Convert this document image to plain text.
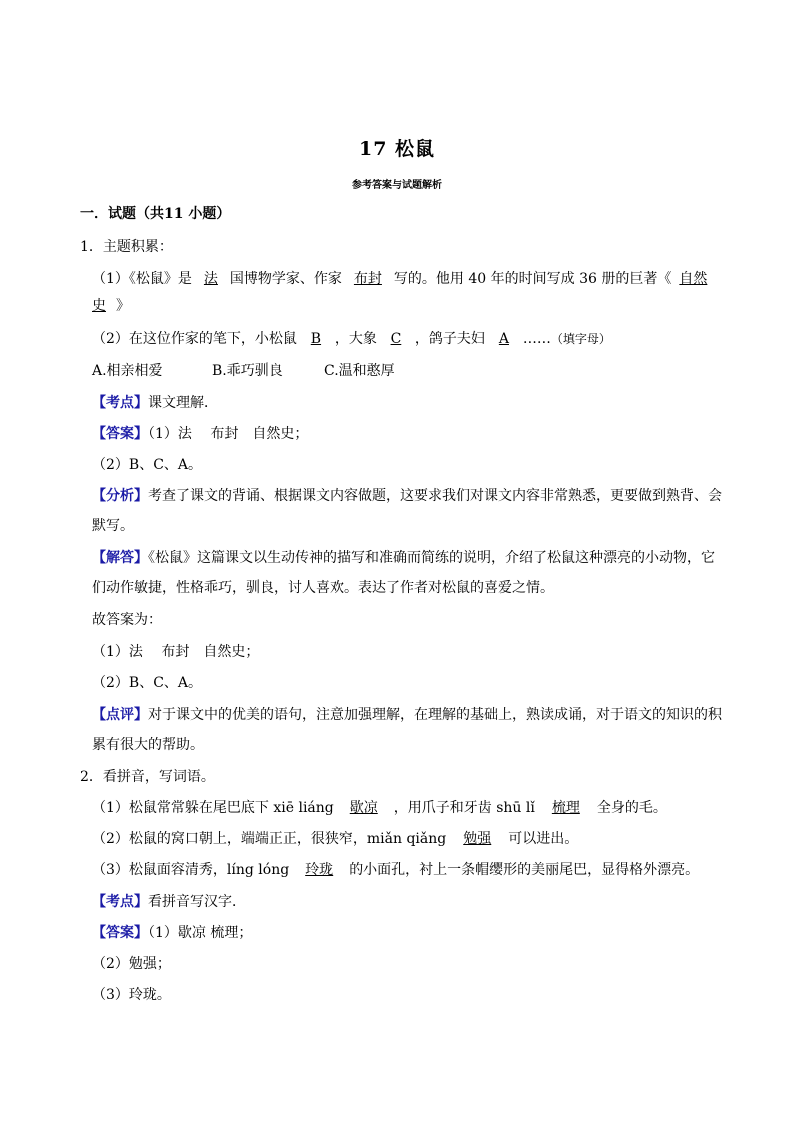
17 松鼠
参考答案与试题解析
一．试题（共11 小题）
1．主题积累：
（1）《松鼠》是 法 国博物学家、作家 布封 写的。他用 40 年的时间写成 36 册的巨著《 自然
史 》
（2）在这位作家的笔下，小松鼠 B ，大象 C ，鸽子夫妇 A ……（填字母）
A.相亲相爱	B.乖巧驯良	C.温和憨厚
【考点】课文理解．
【答案】（1）法　 布封　自然史；
（2）B、C、A。
【分析】考查了课文的背诵、根据课文内容做题，这要求我们对课文内容非常熟悉，更要做到熟背、会
默写。
【解答】《松鼠》这篇课文以生动传神的描写和准确而简练的说明，介绍了松鼠这种漂亮的小动物，它
们动作敏捷，性格乖巧，驯良，讨人喜欢。表达了作者对松鼠的喜爱之情。
故答案为：
（1）法　 布封　自然史；
（2）B、C、A。
【点评】对于课文中的优美的语句，注意加强理解，在理解的基础上，熟读成诵，对于语文的知识的积
累有很大的帮助。
2．看拼音，写词语。
（1）松鼠常常躲在尾巴底下 xiē liáng 歇凉 ，用爪子和牙齿 shū lǐ 梳理 全身的毛。
（2）松鼠的窝口朝上，端端正正，很狭窄，miǎn qiǎng 勉强 可以进出。
（3）松鼠面容清秀，líng lóng 玲珑 的小面孔，衬上一条帽缨形的美丽尾巴，显得格外漂亮。
【考点】看拼音写汉字．
【答案】（1）歇凉 梳理；
（2）勉强；
（3）玲珑。
